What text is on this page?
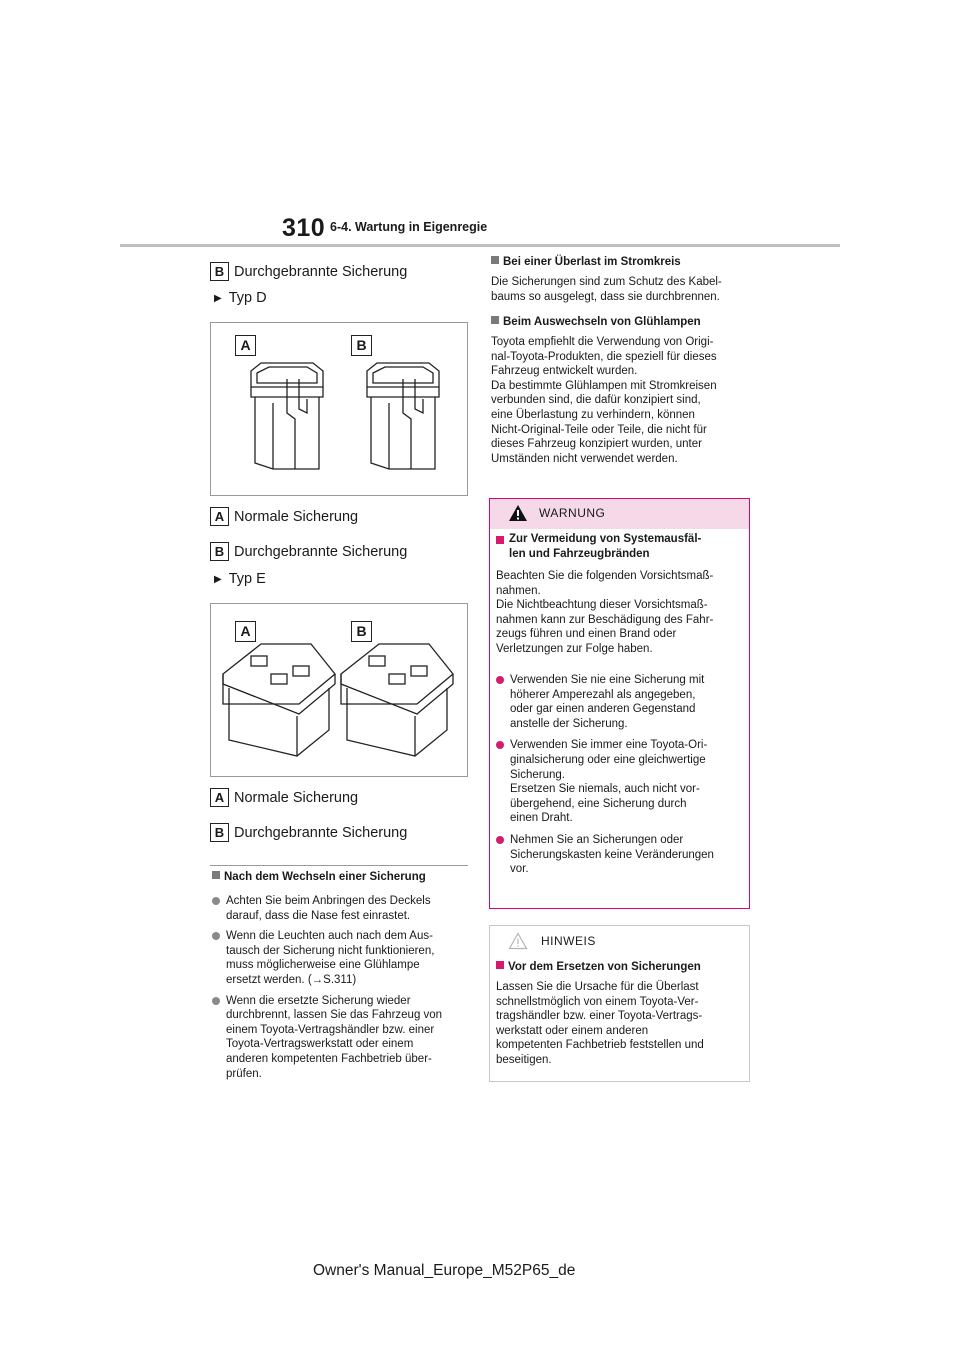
310 6-4. Wartung in Eigenregie
B Durchgebrannte Sicherung
▶ Typ D
A	B
A Normale Sicherung
B Durchgebrannte Sicherung
▶ Typ E
A	B
A Normale Sicherung
B Durchgebrannte Sicherung
Nach dem Wechseln einer Sicherung
Achten Sie beim Anbringen des Deckels
darauf, dass die Nase fest einrastet.
Wenn die Leuchten auch nach dem Aus-
tausch der Sicherung nicht funktionieren,
muss möglicherweise eine Glühlampe
ersetzt werden. (→S.311)
Wenn die ersetzte Sicherung wieder
durchbrennt, lassen Sie das Fahrzeug von
einem Toyota-Vertragshändler bzw. einer
Toyota-Vertragswerkstatt oder einem
anderen kompetenten Fachbetrieb über-
prüfen.
Bei einer Überlast im Stromkreis
Die Sicherungen sind zum Schutz des Kabel-
baums so ausgelegt, dass sie durchbrennen.
Beim Auswechseln von Glühlampen
Toyota empfiehlt die Verwendung von Origi-
nal-Toyota-Produkten, die speziell für dieses
Fahrzeug entwickelt wurden.
Da bestimmte Glühlampen mit Stromkreisen
verbunden sind, die dafür konzipiert sind,
eine Überlastung zu verhindern, können
Nicht-Original-Teile oder Teile, die nicht für
dieses Fahrzeug konzipiert wurden, unter
Umständen nicht verwendet werden.
WARNUNG
Zur Vermeidung von Systemausfäl-
len und Fahrzeugbränden
Beachten Sie die folgenden Vorsichtsmaß-
nahmen.
Die Nichtbeachtung dieser Vorsichtsmaß-
nahmen kann zur Beschädigung des Fahr-
zeugs führen und einen Brand oder
Verletzungen zur Folge haben.
Verwenden Sie nie eine Sicherung mit
höherer Amperezahl als angegeben,
oder gar einen anderen Gegenstand
anstelle der Sicherung.
Verwenden Sie immer eine Toyota-Ori-
ginalsicherung oder eine gleichwertige
Sicherung.
Ersetzen Sie niemals, auch nicht vor-
übergehend, eine Sicherung durch
einen Draht.
Nehmen Sie an Sicherungen oder
Sicherungskasten keine Veränderungen
vor.
HINWEIS
Vor dem Ersetzen von Sicherungen
Lassen Sie die Ursache für die Überlast
schnellstmöglich von einem Toyota-Ver-
tragshändler bzw. einer Toyota-Vertrags-
werkstatt oder einem anderen
kompetenten Fachbetrieb feststellen und
beseitigen.
Owner's Manual_Europe_M52P65_de
